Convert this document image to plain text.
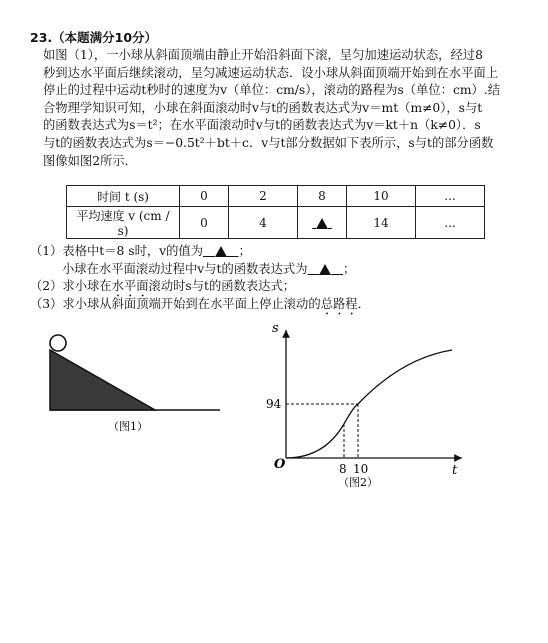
23.（本题满分10分）

如图（1），一小球从斜面顶端由静止开始沿斜面下滚，呈匀加速运动状态，经过8

秒到达水平面后继续滚动，呈匀减速运动状态．设小球从斜面顶端开始到在水平面上

停止的过程中运动t秒时的速度为v（单位：cm/s），滚动的路程为s（单位：cm）.结

合物理学知识可知，小球在斜面滚动时v与t的函数表达式为v＝mt（m≠0），s与t

的函数表达式为s＝t²；在水平面滚动时v与t的函数表达式为v＝kt＋n（k≠0）．s

与t的函数表达式为s＝−0.5t²＋bt＋c．v与t部分数据如下表所示，s与t的部分函数

图像如图2所示．

时间 t (s)	0	2	8	10	...
平均速度 v (cm / s)	0	4		14	...
（1）表格中t＝8 s时，v的值为	；
小球在水平面滚动过程中v与t的函数表达式为	；
（2）求小球在水平面滚动时s与t的函数表达式；
（3）求小球从斜面顶端开始到在水平面上停止滚动的总路程．
（图1）
s
t
O
94
8 10
（图2）
